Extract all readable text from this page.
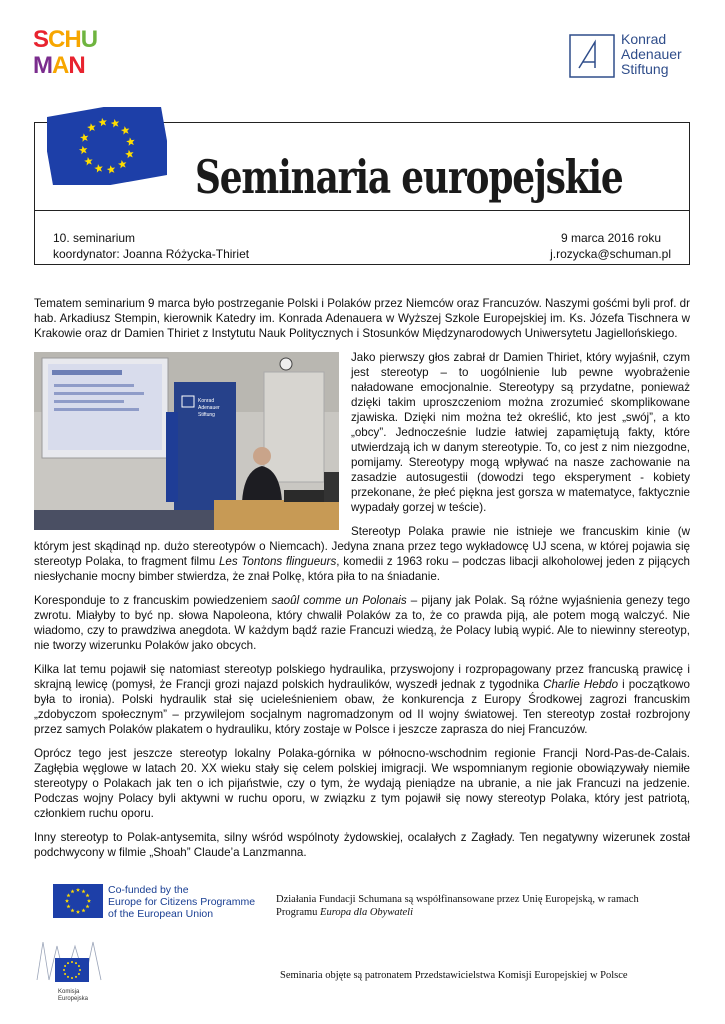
S C H U
M A N
Konrad
Adenauer
Stiftung
Seminaria europejskie
10. seminarium
koordynator: Joanna Różycka-Thiriet
9 marca 2016 roku
j.rozycka@schuman.pl

Tematem seminarium 9 marca było postrzeganie Polski i Polaków przez Niemców oraz Francuzów. Naszymi gośćmi byli prof. dr hab. Arkadiusz Stempin, kierownik Katedry im. Konrada Adenauera w Wyższej Szkole Europejskiej im. Ks. Józefa Tischnera w Krakowie oraz dr Damien Thiriet z Instytutu Nauk Politycznych i Stosunków Międzynarodowych Uniwersytetu Jagiellońskiego.

Konrad
Adenauer
Stiftung

Jako pierwszy głos zabrał dr Damien Thiriet, który wyjaśnił, czym jest stereotyp – to uogólnienie lub pewne wyobrażenie naładowane emocjonalnie. Stereotypy są przydatne, ponieważ dzięki takim uproszczeniom można zrozumieć skomplikowane zjawiska. Dzięki nim można też określić, kto jest „swój”, a kto „obcy”. Jednocześnie ludzie łatwiej zapamiętują fakty, które utwierdzają ich w danym stereotypie. To, co jest z nim niezgodne, pomijamy. Stereotypy mogą wpływać na nasze zachowanie na zasadzie autosugestii (dowodzi tego eksperyment - kobiety przekonane, że płeć piękna jest gorsza w matematyce, faktycznie wypadały gorzej w teście).

Stereotyp Polaka prawie nie istnieje we francuskim kinie (w którym jest skądinąd np. dużo stereotypów o Niemcach). Jedyna znana przez tego wykładowcę UJ scena, w której pojawia się stereotyp Polaka, to fragment filmu Les Tontons flingueurs, komedii z 1963 roku – podczas libacji alkoholowej jeden z pijących niesłychanie mocny bimber stwierdza, że znał Polkę, która piła to na śniadanie.

Koresponduje to z francuskim powiedzeniem saoûl comme un Polonais – pijany jak Polak. Są różne wyjaśnienia genezy tego zwrotu. Miałyby to być np. słowa Napoleona, który chwalił Polaków za to, że co prawda piją, ale potem mogą walczyć. Nie wiadomo, czy to prawdziwa anegdota. W każdym bądź razie Francuzi wiedzą, że Polacy lubią wypić. Ale to niewinny stereotyp, nie tworzy wizerunku Polaków jako obcych.

Kilka lat temu pojawił się natomiast stereotyp polskiego hydraulika, przyswojony i rozpropagowany przez francuską prawicę i skrajną lewicę (pomysł, że Francji grozi najazd polskich hydraulików, wyszedł jednak z tygodnika Charlie Hebdo i początkowo była to ironia). Polski hydraulik stał się ucieleśnieniem obaw, że konkurencja z Europy Środkowej zagrozi francuskim „zdobyczom społecznym” – przywilejom socjalnym nagromadzonym od II wojny światowej. Ten stereotyp został rozbrojony przez samych Polaków plakatem o hydrauliku, który zostaje w Polsce i jeszcze zaprasza do niej Francuzów.

Oprócz tego jest jeszcze stereotyp lokalny Polaka-górnika w północno-wschodnim regionie Francji Nord-Pas-de-Calais. Zagłębia węglowe w latach 20. XX wieku stały się celem polskiej imigracji. We wspomnianym regionie obowiązywały niemiłe stereotypy o Polakach jak ten o ich pijaństwie, czy o tym, że wydają pieniądze na ubranie, a nie jak Francuzi na jedzenie. Podczas wojny Polacy byli aktywni w ruchu oporu, w związku z tym pojawił się nowy stereotyp Polaka, który jest patriotą, członkiem ruchu oporu.

Inny stereotyp to Polak-antysemita, silny wśród wspólnoty żydowskiej, ocalałych z Zagłady. Ten negatywny wizerunek został podchwycony w filmie „Shoah” Claude’a Lanzmanna.

Co-funded by the
Europe for Citizens Programme
of the European Union
Działania Fundacji Schumana są współfinansowane przez Unię Europejską, w ramach Programu Europa dla Obywateli
Komisja
Europejska
Seminaria objęte są patronatem Przedstawicielstwa Komisji Europejskiej w Polsce
